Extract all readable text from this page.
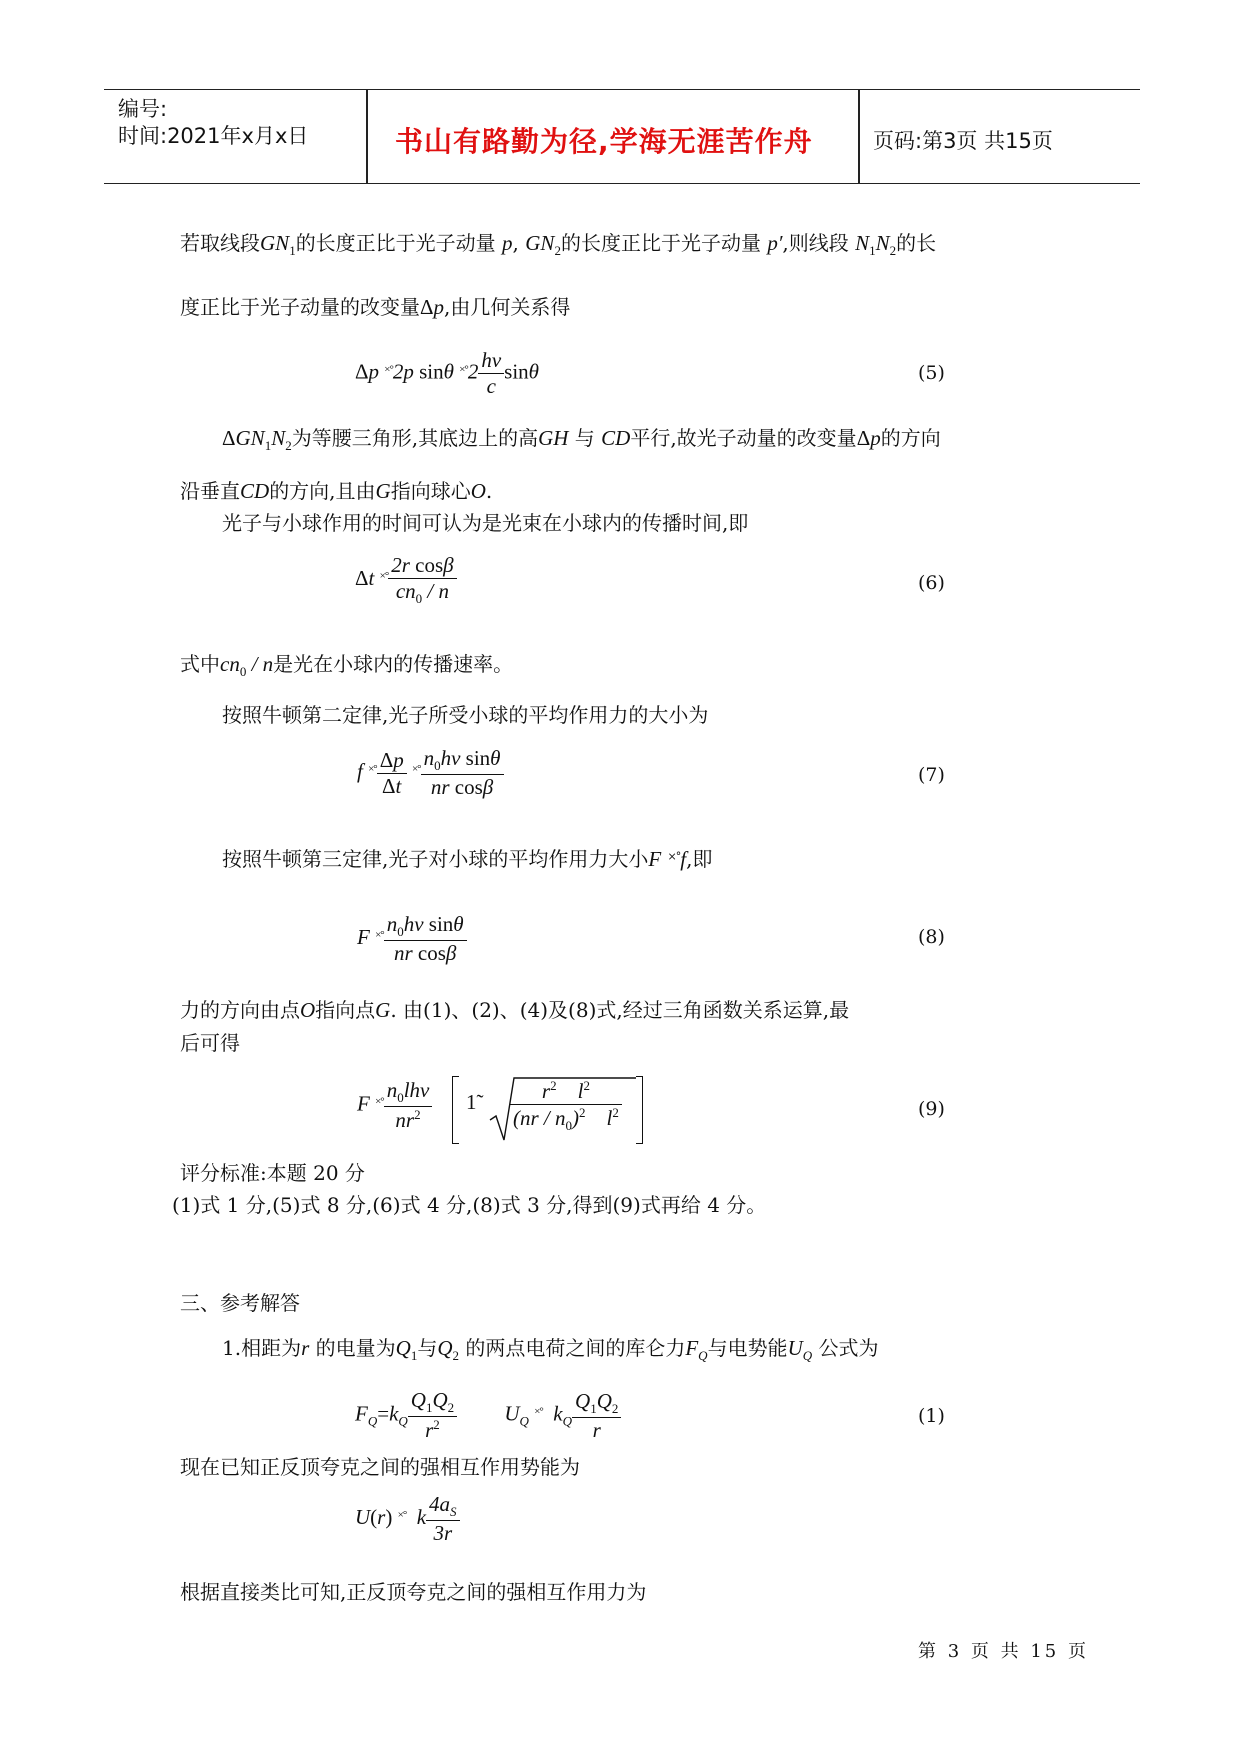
编号:
时间:2021年x月x日	书山有路勤为径,学海无涯苦作舟	页码:第3页 共15页
若取线段$GN_1$的长度正比于光子动量 p, $GN_2$的长度正比于光子动量 p′,则线段 $N_1N_2$的长
度正比于光子动量的改变量Δp,由几何关系得
Δp ×°2p sinθ $^{\times^\circ}2 \frac{h\nu}{c}$ sinθ	(5)
$\Delta GN_1N_2$为等腰三角形,其底边上的高GH 与 CD平行,故光子动量的改变量Δp的方向
沿垂直CD的方向,且由G指向球心O.
光子与小球作用的时间可认为是光束在小球内的传播时间,即
Δt $^{\times^\circ} \frac{\text{2r cosβ}}{cn_0 / n}$	(6)
式中$cn_0$ / n是光在小球内的传播速率。
按照牛顿第二定律,光子所受小球的平均作用力的大小为
f $^{\times^\circ} \frac{\Delta p}{\Delta t} ^{\times^\circ} \frac{n_0h\nu \sin\theta}{\text{nr cosβ}}$	(7)
按照牛顿第三定律,光子对小球的平均作用力大小F ×°f,即
F $^{\times^\circ} \frac{n_0h\nu \sin\theta}{\text{nr cosβ}}$	(8)
力的方向由点O指向点G. 由(1)、(2)、(4)及(8)式,经过三角函数关系运算,最
后可得
F $^{\times^\circ} \frac{n_0lh\nu}{nr^2}$ 1̃ $\frac{r^2 l^2}{(nr / n_0)^2 l^2}$	(9)
评分标准:本题 20 分
(1)式 1 分,(5)式 8 分,(6)式 4 分,(8)式 3 分,得到(9)式再给 4 分。
三、参考解答
1.相距为r 的电量为$Q_1$与$Q_2$ 的两点电荷之间的库仑力$F_Q$与电势能$U_Q$ 公式为
$F_Q=k_Q \frac{Q_1Q_2}{r^2} U_Q$ ×°  $k_Q \frac{Q_1Q_2}{r}$	(1)
现在已知正反顶夸克之间的强相互作用势能为
U(r) ×°  k $\frac{4a_S}{3r}$
根据直接类比可知,正反顶夸克之间的强相互作用力为
第 3 页 共 15 页
